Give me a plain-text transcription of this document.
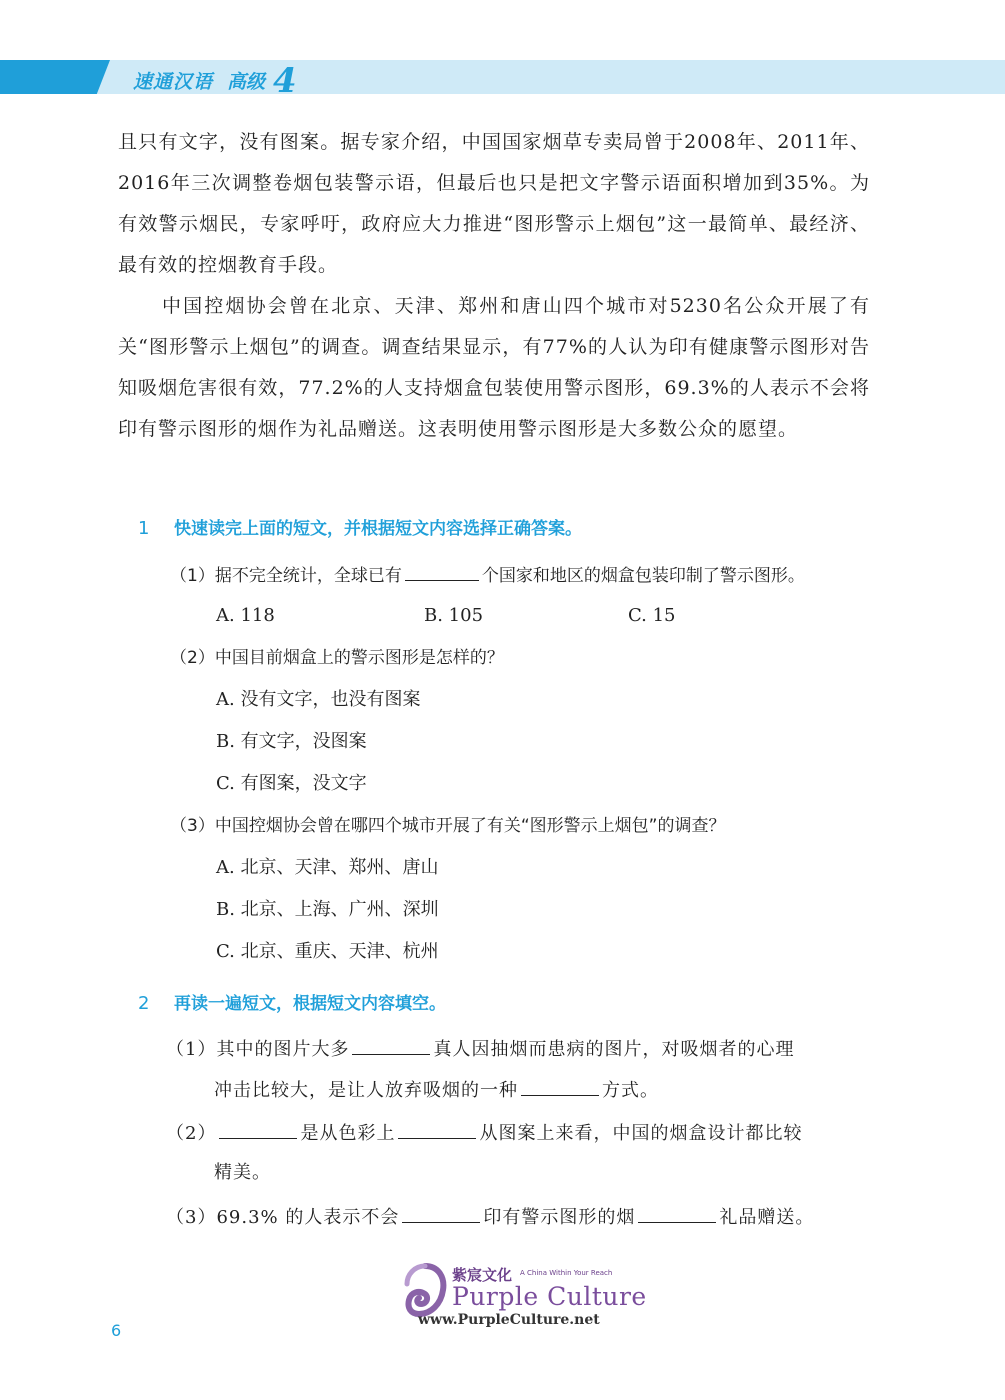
速通汉语 高级 4

且只有文字，没有图案。据专家介绍，中国国家烟草专卖局曾于2008年、2011年、2016年三次调整卷烟包装警示语，但最后也只是把文字警示语面积增加到35%。为有效警示烟民，专家呼吁，政府应大力推进“图形警示上烟包”这一最简单、最经济、最有效的控烟教育手段。

中国控烟协会曾在北京、天津、郑州和唐山四个城市对5230名公众开展了有关“图形警示上烟包”的调查。调查结果显示，有77%的人认为印有健康警示图形对告知吸烟危害很有效，77.2%的人支持烟盒包装使用警示图形，69.3%的人表示不会将印有警示图形的烟作为礼品赠送。这表明使用警示图形是大多数公众的愿望。

1 快速读完上面的短文，并根据短文内容选择正确答案。
（1）据不完全统计，全球已有	个国家和地区的烟盒包装印制了警示图形。
A. 118	B. 105	C. 15
（2）中国目前烟盒上的警示图形是怎样的？
A. 没有文字，也没有图案
B. 有文字，没图案
C. 有图案，没文字
（3）中国控烟协会曾在哪四个城市开展了有关“图形警示上烟包”的调查？
A. 北京、天津、郑州、唐山
B. 北京、上海、广州、深圳
C. 北京、重庆、天津、杭州
2 再读一遍短文，根据短文内容填空。
（1）其中的图片大多	真人因抽烟而患病的图片，对吸烟者的心理
冲击比较大，是让人放弃吸烟的一种	方式。
（2）	是从色彩上	从图案上来看，中国的烟盒设计都比较
精美。
（3）69.3% 的人表示不会	印有警示图形的烟	礼品赠送。
紫宸文化 A China Within Your Reach
Purple Culture
www.PurpleCulture.net
6
